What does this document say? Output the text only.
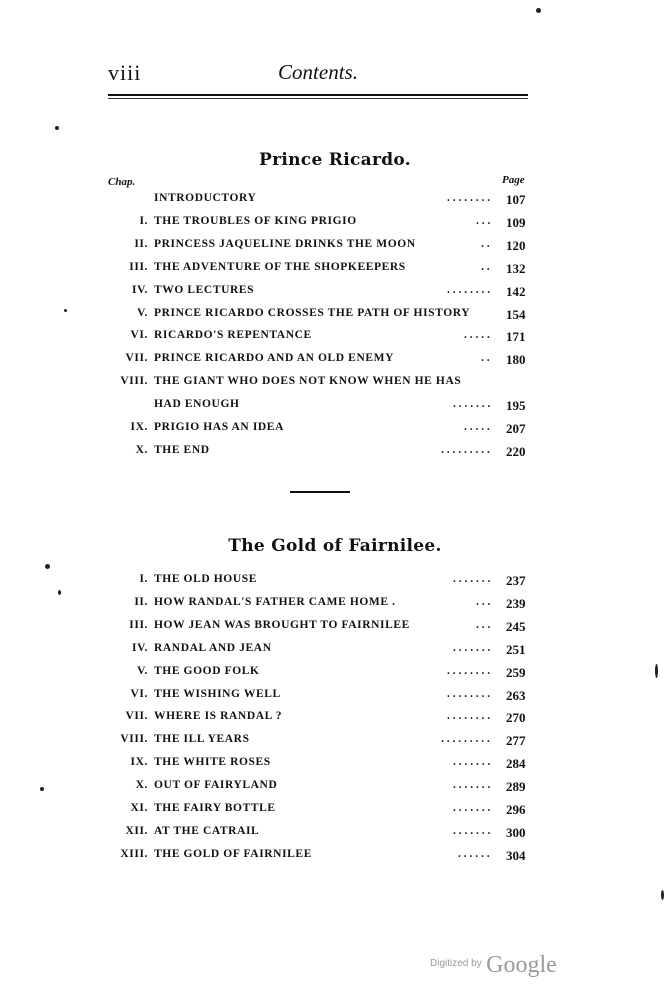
viii	Contents.
Prince Ricardo.
Chap.	Page
INTRODUCTORY	. . . . . . . . 107
I. THE TROUBLES OF KING PRIGIO	. . . 109
II. PRINCESS JAQUELINE DRINKS THE MOON	. . 120
III. THE ADVENTURE OF THE SHOPKEEPERS	. . 132
IV. TWO LECTURES	. . . . . . . . 142
V. PRINCE RICARDO CROSSES THE PATH OF HISTORY	154
VI. RICARDO'S REPENTANCE	. . . . . 171
VII. PRINCE RICARDO AND AN OLD ENEMY	. . 180
VIII. THE GIANT WHO DOES NOT KNOW WHEN HE HAS
HAD ENOUGH	. . . . . . . 195
IX. PRIGIO HAS AN IDEA	. . . . . 207
X. THE END	. . . . . . . . . 220
The Gold of Fairnilee.
I. THE OLD HOUSE	. . . . . . . 237
II. HOW RANDAL'S FATHER CAME HOME .	. . . 239
III. HOW JEAN WAS BROUGHT TO FAIRNILEE	. . . 245
IV. RANDAL AND JEAN	. . . . . . . 251
V. THE GOOD FOLK	. . . . . . . . 259
VI. THE WISHING WELL	. . . . . . . . 263
VII. WHERE IS RANDAL ?	. . . . . . . . 270
VIII. THE ILL YEARS	. . . . . . . . . 277
IX. THE WHITE ROSES	. . . . . . . 284
X. OUT OF FAIRYLAND	. . . . . . . 289
XI. THE FAIRY BOTTLE	. . . . . . . 296
XII. AT THE CATRAIL	. . . . . . . 300
XIII. THE GOLD OF FAIRNILEE	. . . . . . 304
$^{Digitized by}$ Google
